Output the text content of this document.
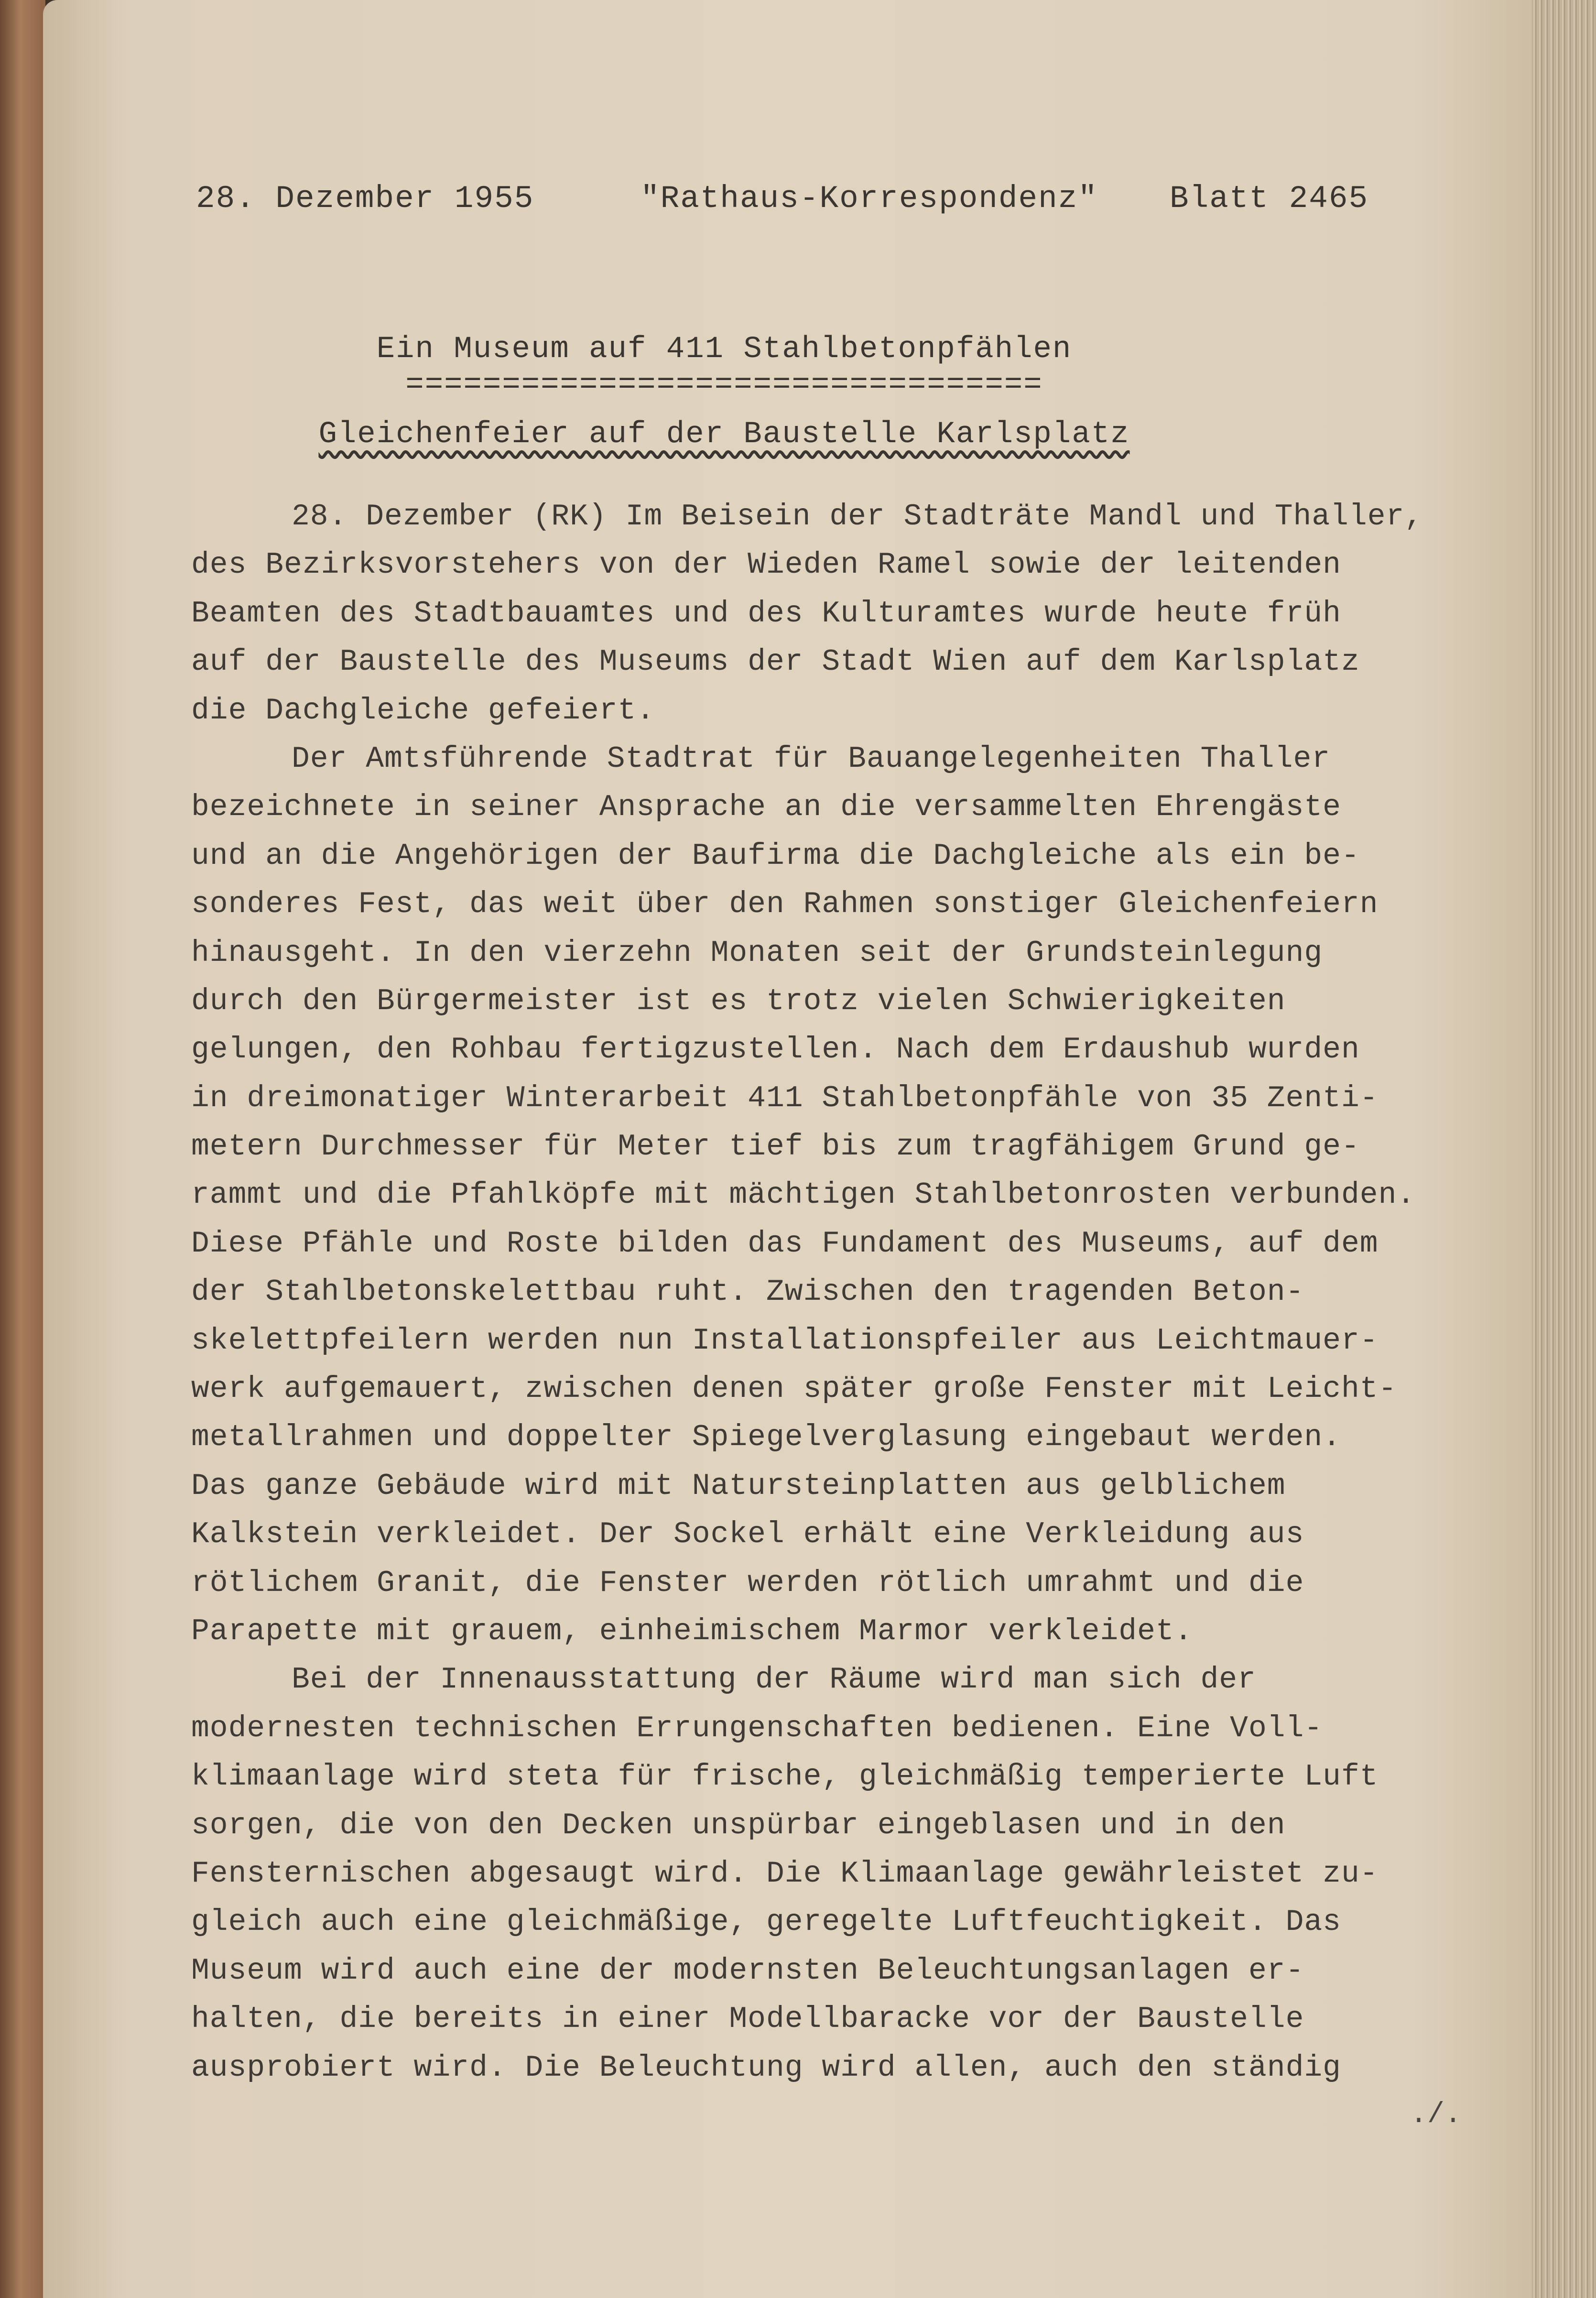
28. Dezember 1955	"Rathaus-Korrespondenz" Blatt 2465
Ein Museum auf 411 Stahlbetonpfählen
=================================
Gleichenfeier auf der Baustelle Karlsplatz
28. Dezember (RK) Im Beisein der Stadträte Mandl und Thaller,
des Bezirksvorstehers von der Wieden Ramel sowie der leitenden
Beamten des Stadtbauamtes und des Kulturamtes wurde heute früh
auf der Baustelle des Museums der Stadt Wien auf dem Karlsplatz
die Dachgleiche gefeiert.
Der Amtsführende Stadtrat für Bauangelegenheiten Thaller
bezeichnete in seiner Ansprache an die versammelten Ehrengäste
und an die Angehörigen der Baufirma die Dachgleiche als ein be-
sonderes Fest, das weit über den Rahmen sonstiger Gleichenfeiern
hinausgeht. In den vierzehn Monaten seit der Grundsteinlegung
durch den Bürgermeister ist es trotz vielen Schwierigkeiten
gelungen, den Rohbau fertigzustellen. Nach dem Erdaushub wurden
in dreimonatiger Winterarbeit 411 Stahlbetonpfähle von 35 Zenti-
metern Durchmesser für Meter tief bis zum tragfähigem Grund ge-
rammt und die Pfahlköpfe mit mächtigen Stahlbetonrosten verbunden.
Diese Pfähle und Roste bilden das Fundament des Museums, auf dem
der Stahlbetonskelettbau ruht. Zwischen den tragenden Beton-
skelettpfeilern werden nun Installationspfeiler aus Leichtmauer-
werk aufgemauert, zwischen denen später große Fenster mit Leicht-
metallrahmen und doppelter Spiegelverglasung eingebaut werden.
Das ganze Gebäude wird mit Natursteinplatten aus gelblichem
Kalkstein verkleidet. Der Sockel erhält eine Verkleidung aus
rötlichem Granit, die Fenster werden rötlich umrahmt und die
Parapette mit grauem, einheimischem Marmor verkleidet.
Bei der Innenausstattung der Räume wird man sich der
modernesten technischen Errungenschaften bedienen. Eine Voll-
klimaanlage wird steta für frische, gleichmäßig temperierte Luft
sorgen, die von den Decken unspürbar eingeblasen und in den
Fensternischen abgesaugt wird. Die Klimaanlage gewährleistet zu-
gleich auch eine gleichmäßige, geregelte Luftfeuchtigkeit. Das
Museum wird auch eine der modernsten Beleuchtungsanlagen er-
halten, die bereits in einer Modellbaracke vor der Baustelle
ausprobiert wird. Die Beleuchtung wird allen, auch den ständig
./.
